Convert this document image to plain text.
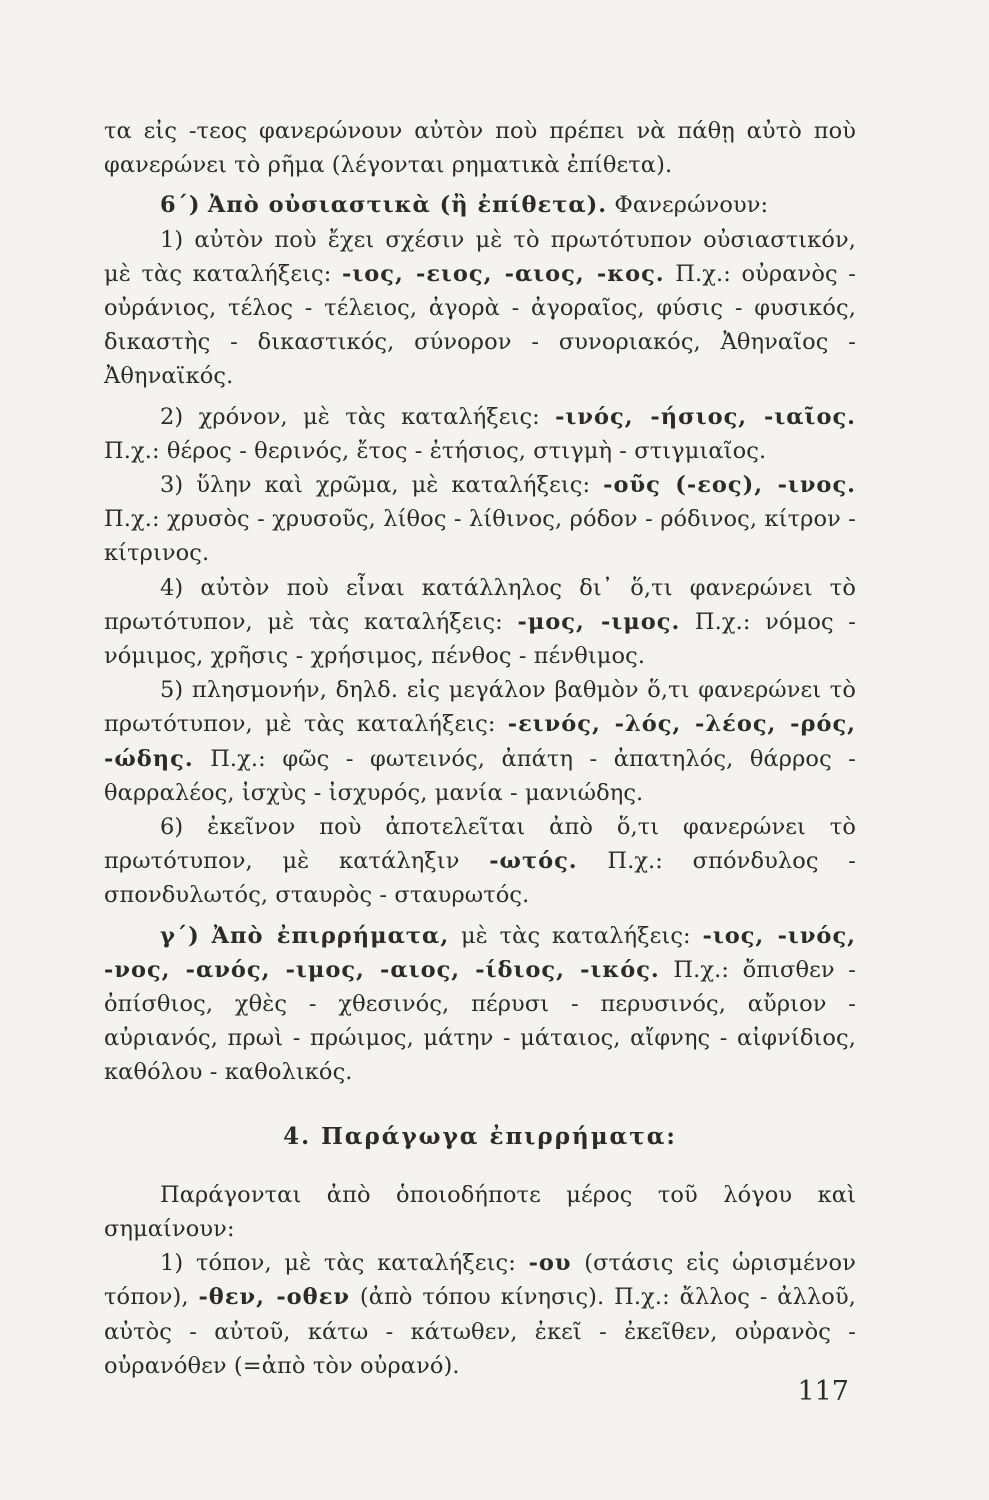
τα εἰς -τεος φανερώνουν αὐτὸν ποὺ πρέπει νὰ πάθῃ αὐτὸ ποὺ φανερώνει τὸ ρῆμα (λέγονται ρηματικὰ ἐπίθετα).

6΄) Ἀπὸ οὐσιαστικὰ (ἢ ἐπίθετα). Φανερώνουν:

1) αὐτὸν ποὺ ἔχει σχέσιν μὲ τὸ πρωτότυπον οὐσιαστικόν, μὲ τὰς καταλήξεις: -ιος, -ειος, -αιος, -κος. Π.χ.: οὐρανὸς - οὐράνιος, τέλος - τέλειος, ἀγορὰ - ἀγοραῖος, φύσις - φυσικός, δικαστὴς - δικαστικός, σύνορον - συνοριακός, Ἀθηναῖος - Ἀθηναϊκός.

2) χρόνον, μὲ τὰς καταλήξεις: -ινός, -ήσιος, -ιαῖος. Π.χ.: θέρος - θερινός, ἔτος - ἐτήσιος, στιγμὴ - στιγμιαῖος.

3) ὕλην καὶ χρῶμα, μὲ καταλήξεις: -οῦς (-εος), -ινος. Π.χ.: χρυσὸς - χρυσοῦς, λίθος - λίθινος, ρόδον - ρόδινος, κίτρον - κίτρινος.

4) αὐτὸν ποὺ εἶναι κατάλληλος δι᾽ ὅ,τι φανερώνει τὸ πρωτότυπον, μὲ τὰς καταλήξεις: -μος, -ιμος. Π.χ.: νόμος - νόμιμος, χρῆσις - χρήσιμος, πένθος - πένθιμος.

5) πλησμονήν, δηλδ. εἰς μεγάλον βαθμὸν ὅ,τι φανερώνει τὸ πρωτότυπον, μὲ τὰς καταλήξεις: -εινός, -λός, -λέος, -ρός, -ώδης. Π.χ.: φῶς - φωτεινός, ἀπάτη - ἀπατηλός, θάρρος - θαρραλέος, ἰσχὺς - ἰσχυρός, μανία - μανιώδης.

6) ἐκεῖνον ποὺ ἀποτελεῖται ἀπὸ ὅ,τι φανερώνει τὸ πρωτότυπον, μὲ κατάληξιν -ωτός. Π.χ.: σπόνδυλος - σπονδυλωτός, σταυρὸς - σταυρωτός.

γ΄) Ἀπὸ ἐπιρρήματα, μὲ τὰς καταλήξεις: -ιος, -ινός, -νος, -ανός, -ιμος, -αιος, -ίδιος, -ικός. Π.χ.: ὄπισθεν - ὀπίσθιος, χθὲς - χθεσινός, πέρυσι - περυσινός, αὔριον - αὐριανός, πρωὶ - πρώιμος, μάτην - μάταιος, αἴφνης - αἰφνίδιος, καθόλου - καθολικός.

4. Παράγωγα ἐπιρρήματα:

Παράγονται ἀπὸ ὁποιοδήποτε μέρος τοῦ λόγου καὶ σημαίνουν:

1) τόπον, μὲ τὰς καταλήξεις: -ου (στάσις εἰς ὡρισμένον τόπον), -θεν, -οθεν (ἀπὸ τόπου κίνησις). Π.χ.: ἄλλος - ἀλλοῦ, αὐτὸς - αὐτοῦ, κάτω - κάτωθεν, ἐκεῖ - ἐκεῖθεν, οὐρανὸς - οὐρανόθεν (=ἀπὸ τὸν οὐρανό).

117
